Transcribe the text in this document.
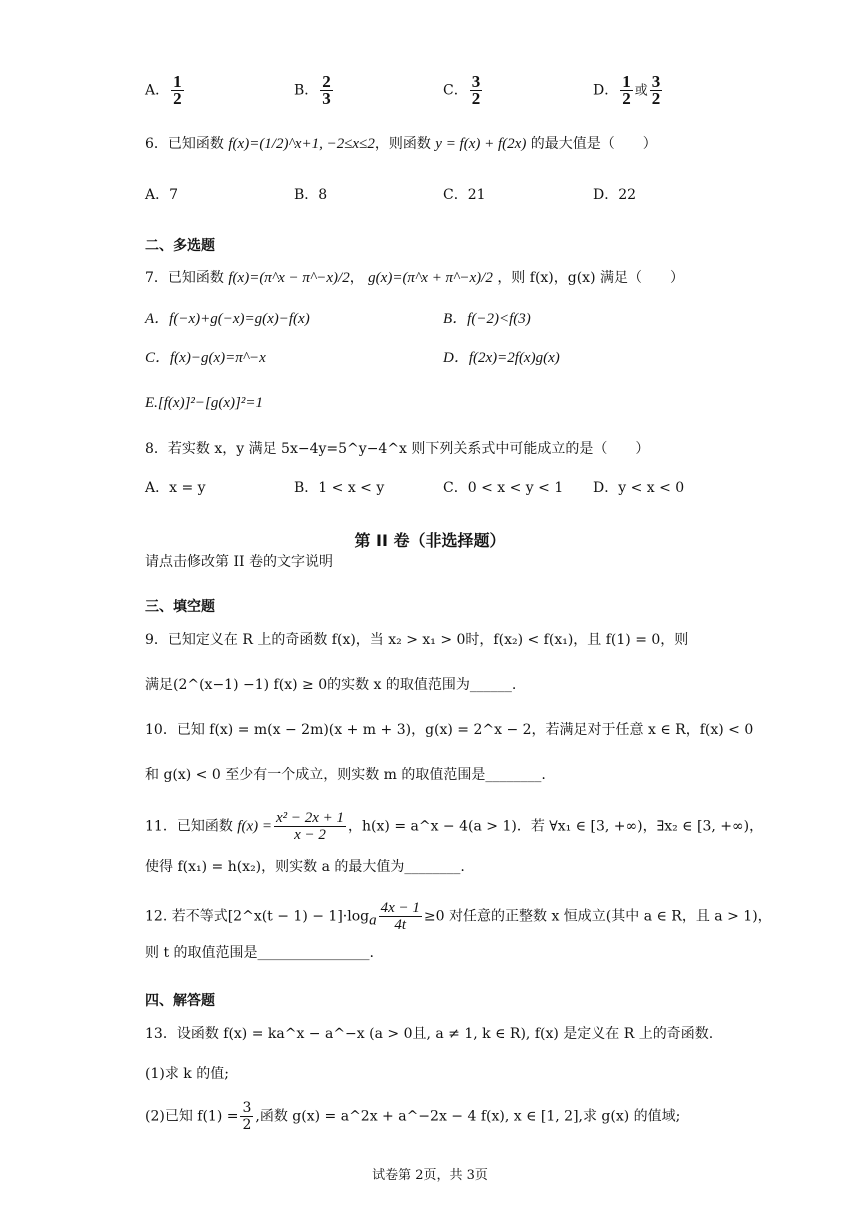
A． $\frac{1}{2}$	B． $\frac{2}{3}$	C． $\frac{3}{2}$	D． $\frac{1}{2}$ 或 $\frac{3}{2}$
6．已知函数 f(x)=(1/2)^x+1, −2≤x≤2，则函数 y = f(x) + f(2x) 的最大值是（　　）
A．7	B．8	C．21	D．22
二、多选题
7．已知函数 f(x)=(π^x − π^−x)/2， g(x)=(π^x + π^−x)/2 ，则 f(x)，g(x) 满足（　　）
A．f(−x)+g(−x)=g(x)−f(x)	B．f(−2)<f(3)
C．f(x)−g(x)=π^−x	D．f(2x)=2f(x)g(x)
E.[f(x)]²−[g(x)]²=1
8．若实数 x，y 满足 5x−4y=5^y−4^x 则下列关系式中可能成立的是（　　）
A．x = y	B．1 < x < y	C．0 < x < y < 1 D．y < x < 0
第 II 卷（非选择题）
请点击修改第 II 卷的文字说明
三、填空题
9．已知定义在 R 上的奇函数 f(x)，当 x₂ > x₁ > 0时，f(x₂) < f(x₁)，且 f(1) = 0，则
满足(2^(x−1) −1) f(x) ≥ 0的实数 x 的取值范围为______.
10．已知 f(x) = m(x − 2m)(x + m + 3)，g(x) = 2^x − 2，若满足对于任意 x ∈ R，f(x) < 0
和 g(x) < 0 至少有一个成立，则实数 m 的取值范围是________.
11．已知函数 $f(x) = \frac{\text{x² − 2x + 1}}{x - 2}$ ，h(x) = a^x − 4(a > 1)．若 ∀x₁ ∈ [3, +∞)，∃x₂ ∈ [3, +∞)，
使得 f(x₁) = h(x₂)，则实数 a 的最大值为________.
12. 若不等式[2^x(t − $1) - 1]\cdot\log_a \frac{4x - 1}{4t} \ge 0$ 对任意的正整数 x 恒成立(其中 a ∈ R，且 a > 1)，
则 t 的取值范围是________________.
四、解答题
13．设函数 f(x) = ka^x − a^−x (a > 0且, a ≠ 1, k ∈ R), f(x) 是定义在 R 上的奇函数.
(1)求 k 的值;
(2)已知 $f(1) = \frac{3}{2}$ ,函数 g(x) = a^2x + a^−2x − 4 f(x), x ∈ [1, 2],求 g(x) 的值域;
试卷第 2页，共 3页
